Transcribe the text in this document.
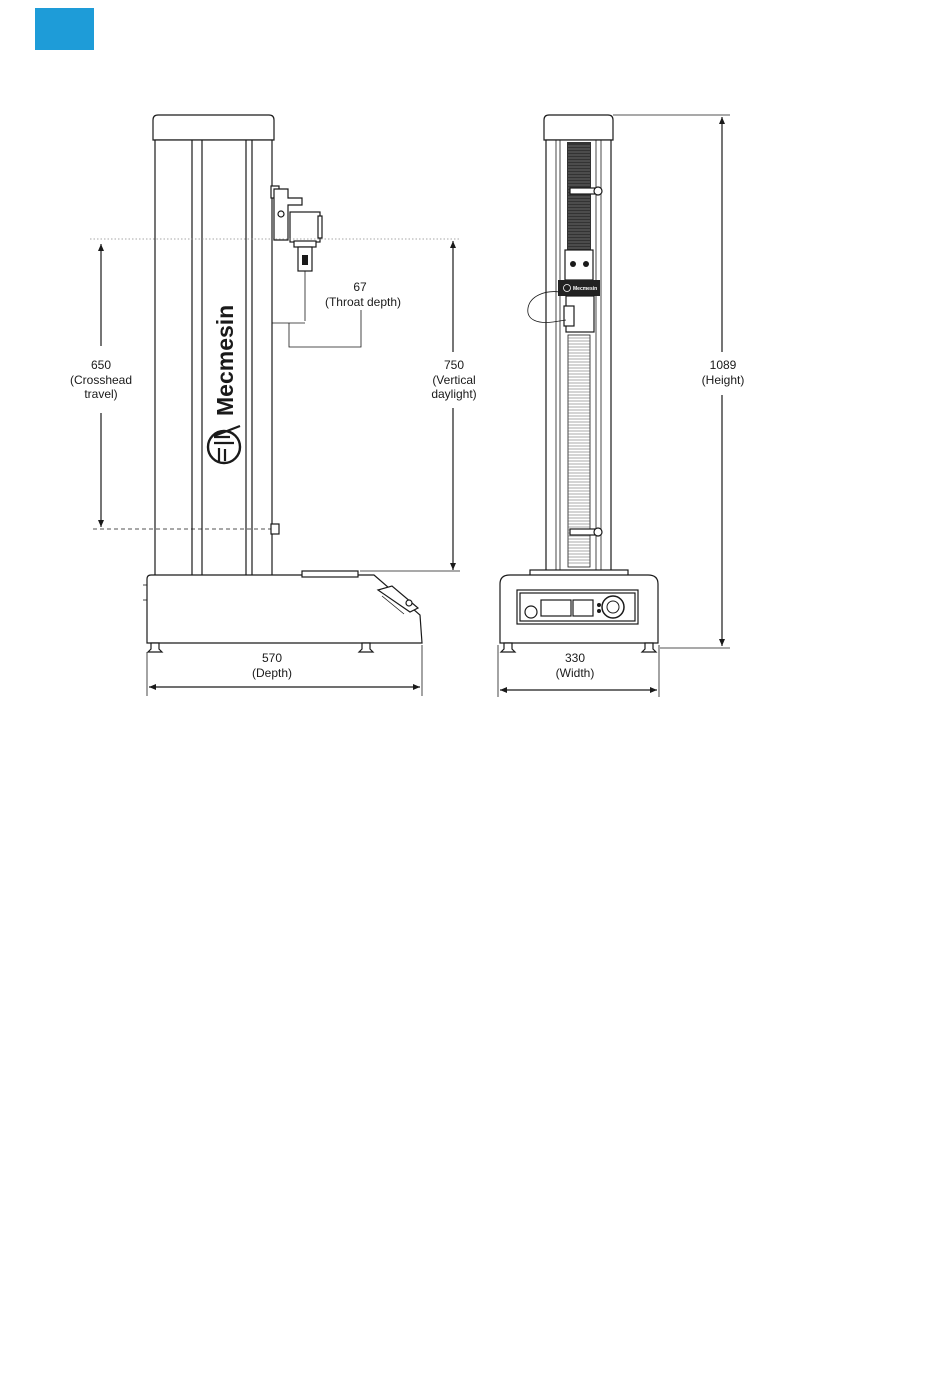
Mecmesin
Mecmesin
67
(Throat depth)
650
(Crosshead
travel)
750
(Vertical
daylight)
1089
(Height)
570
(Depth)
330
(Width)
